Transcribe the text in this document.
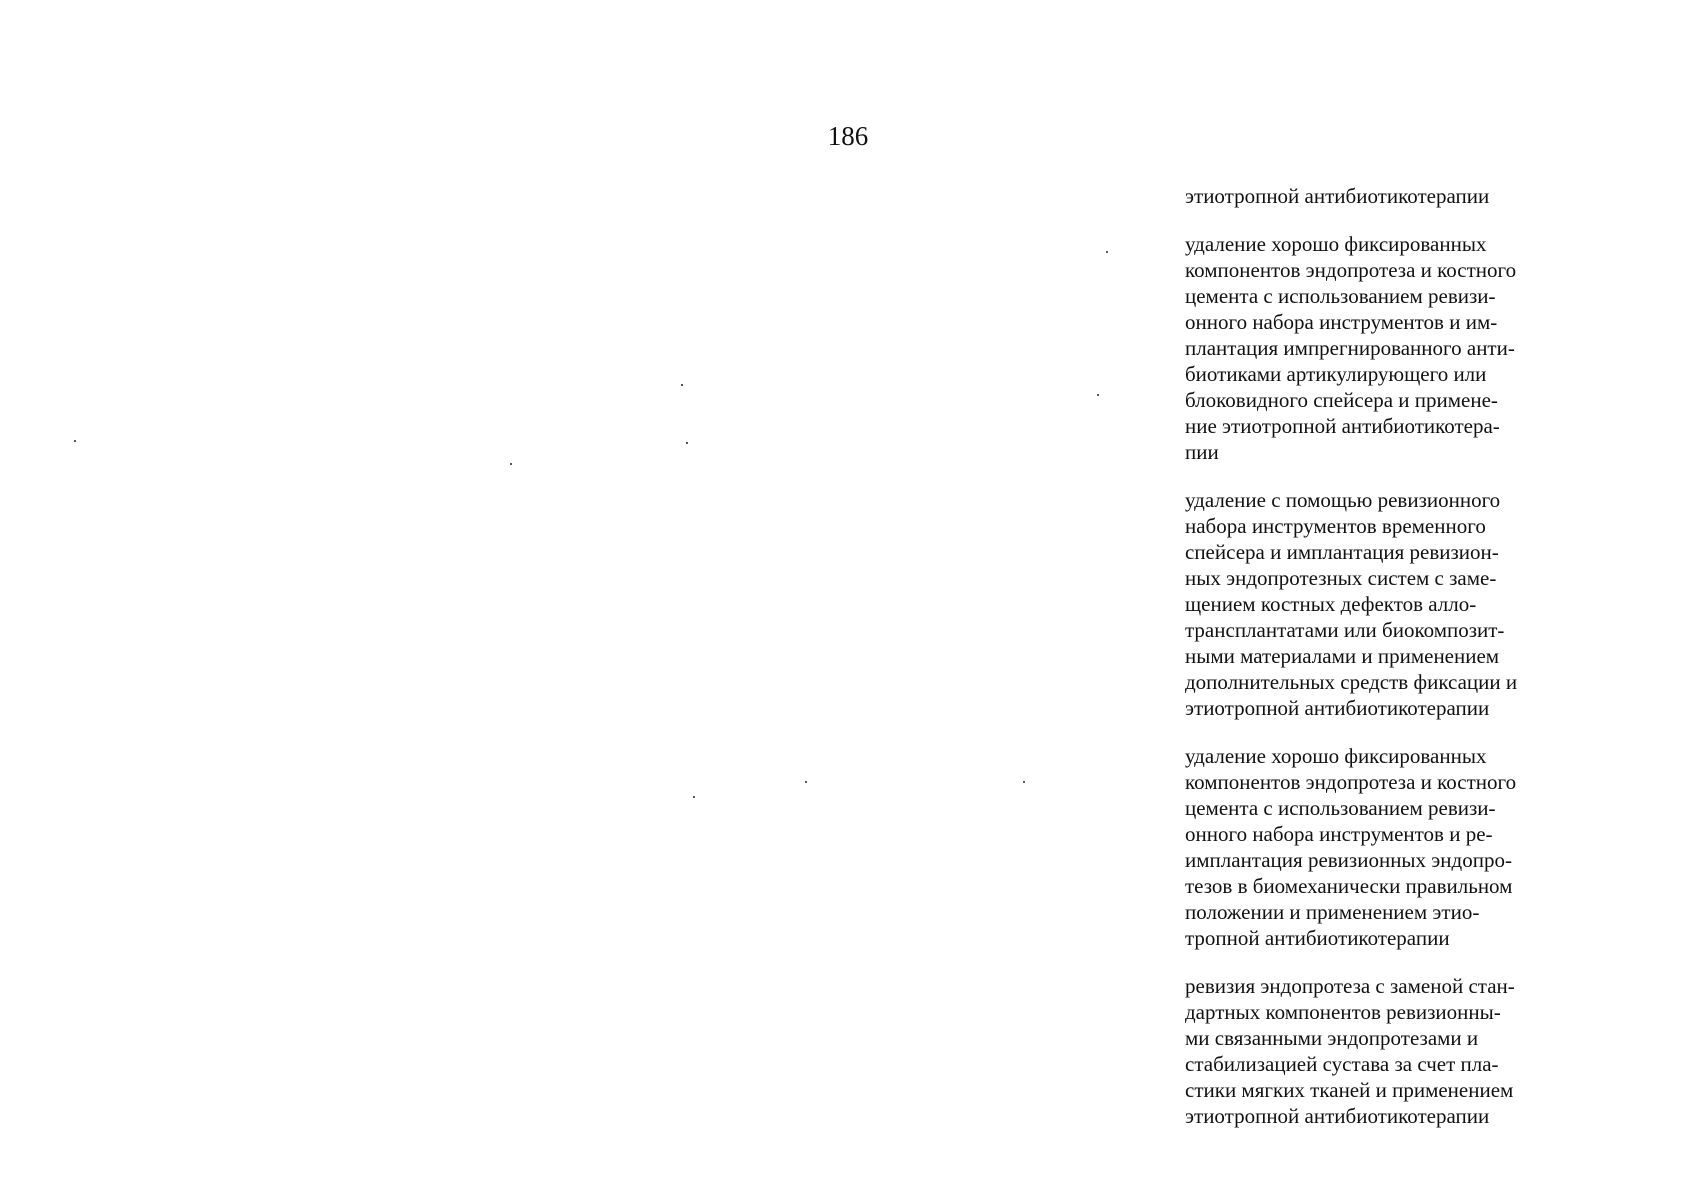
186
этиотропной антибиотикотерапии
удаление хорошо фиксированных
компонентов эндопротеза и костного
цемента с использованием ревизи-
онного набора инструментов и им-
плантация импрегнированного анти-
биотиками артикулирующего или
блоковидного спейсера и примене-
ние этиотропной антибиотикотера-
пии
удаление с помощью ревизионного
набора инструментов временного
спейсера и имплантация ревизион-
ных эндопротезных систем с заме-
щением костных дефектов алло-
трансплантатами или биокомпозит-
ными материалами и применением
дополнительных средств фиксации и
этиотропной антибиотикотерапии
удаление хорошо фиксированных
компонентов эндопротеза и костного
цемента с использованием ревизи-
онного набора инструментов и ре-
имплантация ревизионных эндопро-
тезов в биомеханически правильном
положении и применением этио-
тропной антибиотикотерапии
ревизия эндопротеза с заменой стан-
дартных компонентов ревизионны-
ми связанными эндопротезами и
стабилизацией сустава за счет пла-
стики мягких тканей и применением
этиотропной антибиотикотерапии
